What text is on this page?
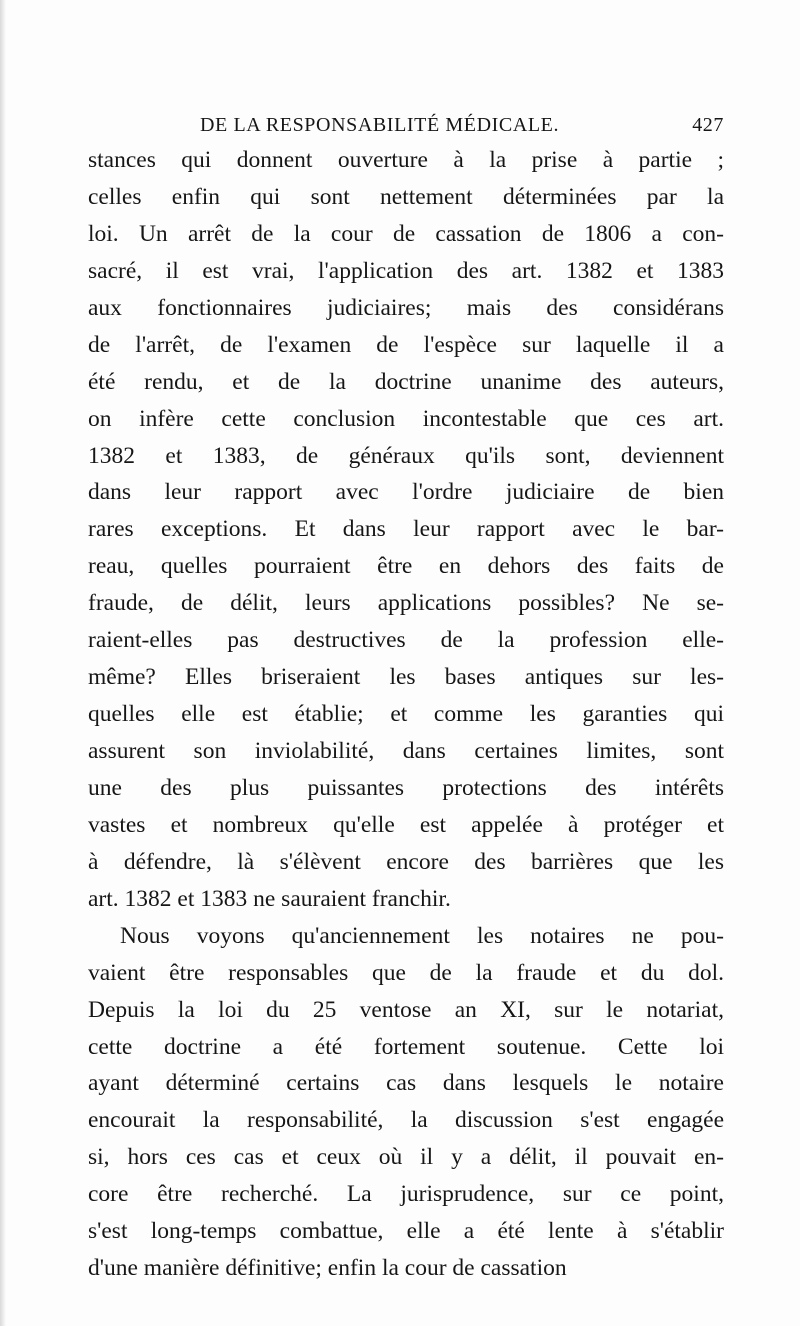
DE LA RESPONSABILITÉ MÉDICALE.	427
stances qui donnent ouverture à la prise à partie ;
celles enfin qui sont nettement déterminées par la
loi. Un arrêt de la cour de cassation de 1806 a con-
sacré, il est vrai, l'application des art. 1382 et 1383
aux fonctionnaires judiciaires; mais des considérans
de l'arrêt, de l'examen de l'espèce sur laquelle il a
été rendu, et de la doctrine unanime des auteurs,
on infère cette conclusion incontestable que ces art.
1382 et 1383, de généraux qu'ils sont, deviennent
dans leur rapport avec l'ordre judiciaire de bien
rares exceptions. Et dans leur rapport avec le bar-
reau, quelles pourraient être en dehors des faits de
fraude, de délit, leurs applications possibles? Ne se-
raient-elles pas destructives de la profession elle-
même? Elles briseraient les bases antiques sur les-
quelles elle est établie; et comme les garanties qui
assurent son inviolabilité, dans certaines limites, sont
une des plus puissantes protections des intérêts
vastes et nombreux qu'elle est appelée à protéger et
à défendre, là s'élèvent encore des barrières que les
art. 1382 et 1383 ne sauraient franchir.
Nous voyons qu'anciennement les notaires ne pou-
vaient être responsables que de la fraude et du dol.
Depuis la loi du 25 ventose an XI, sur le notariat,
cette doctrine a été fortement soutenue. Cette loi
ayant déterminé certains cas dans lesquels le notaire
encourait la responsabilité, la discussion s'est engagée
si, hors ces cas et ceux où il y a délit, il pouvait en-
core être recherché. La jurisprudence, sur ce point,
s'est long-temps combattue, elle a été lente à s'établir
d'une manière définitive; enfin la cour de cassation
